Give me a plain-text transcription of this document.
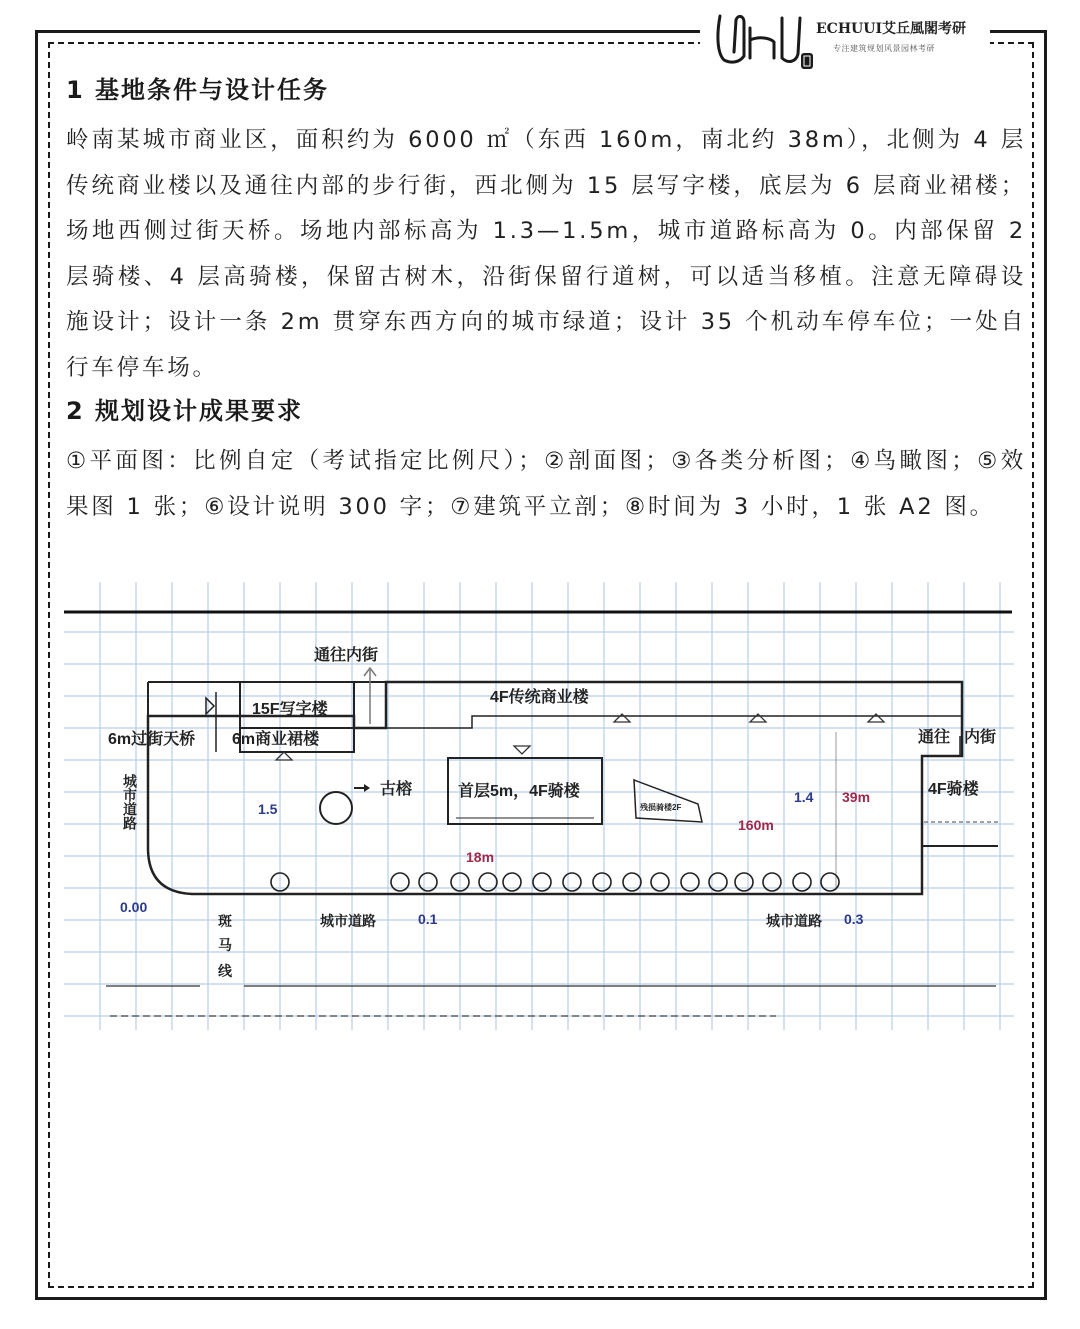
ECHUUI艾丘風閣考研
专注建筑规划风景园林考研
1 基地条件与设计任务

岭南某城市商业区，面积约为 6000 ㎡（东西 160m，南北约 38m），北侧为 4 层传统商业楼以及通往内部的步行街，西北侧为 15 层写字楼，底层为 6 层商业裙楼；场地西侧过街天桥。场地内部标高为 1.3—1.5m，城市道路标高为 0。内部保留 2 层骑楼、4 层高骑楼，保留古树木，沿街保留行道树，可以适当移植。注意无障碍设施设计；设计一条 2m 贯穿东西方向的城市绿道；设计 35 个机动车停车位；一处自行车停车场。

2 规划设计成果要求

①平面图：比例自定（考试指定比例尺）；②剖面图；③各类分析图；④鸟瞰图；⑤效果图 1 张；⑥设计说明 300 字；⑦建筑平立剖；⑧时间为 3 小时，1 张 A2 图。

通往内街
15F写字楼
4F传统商业楼
6m过街天桥 6m商业裙楼
古榕	首层5m，4F骑楼
残损骑楼2F
通往 内街
4F骑楼
城市道路	城市道路
斑
马
线
城市道路	1.5
1.4
0.00
0.1	0.3
160m
39m
18m
